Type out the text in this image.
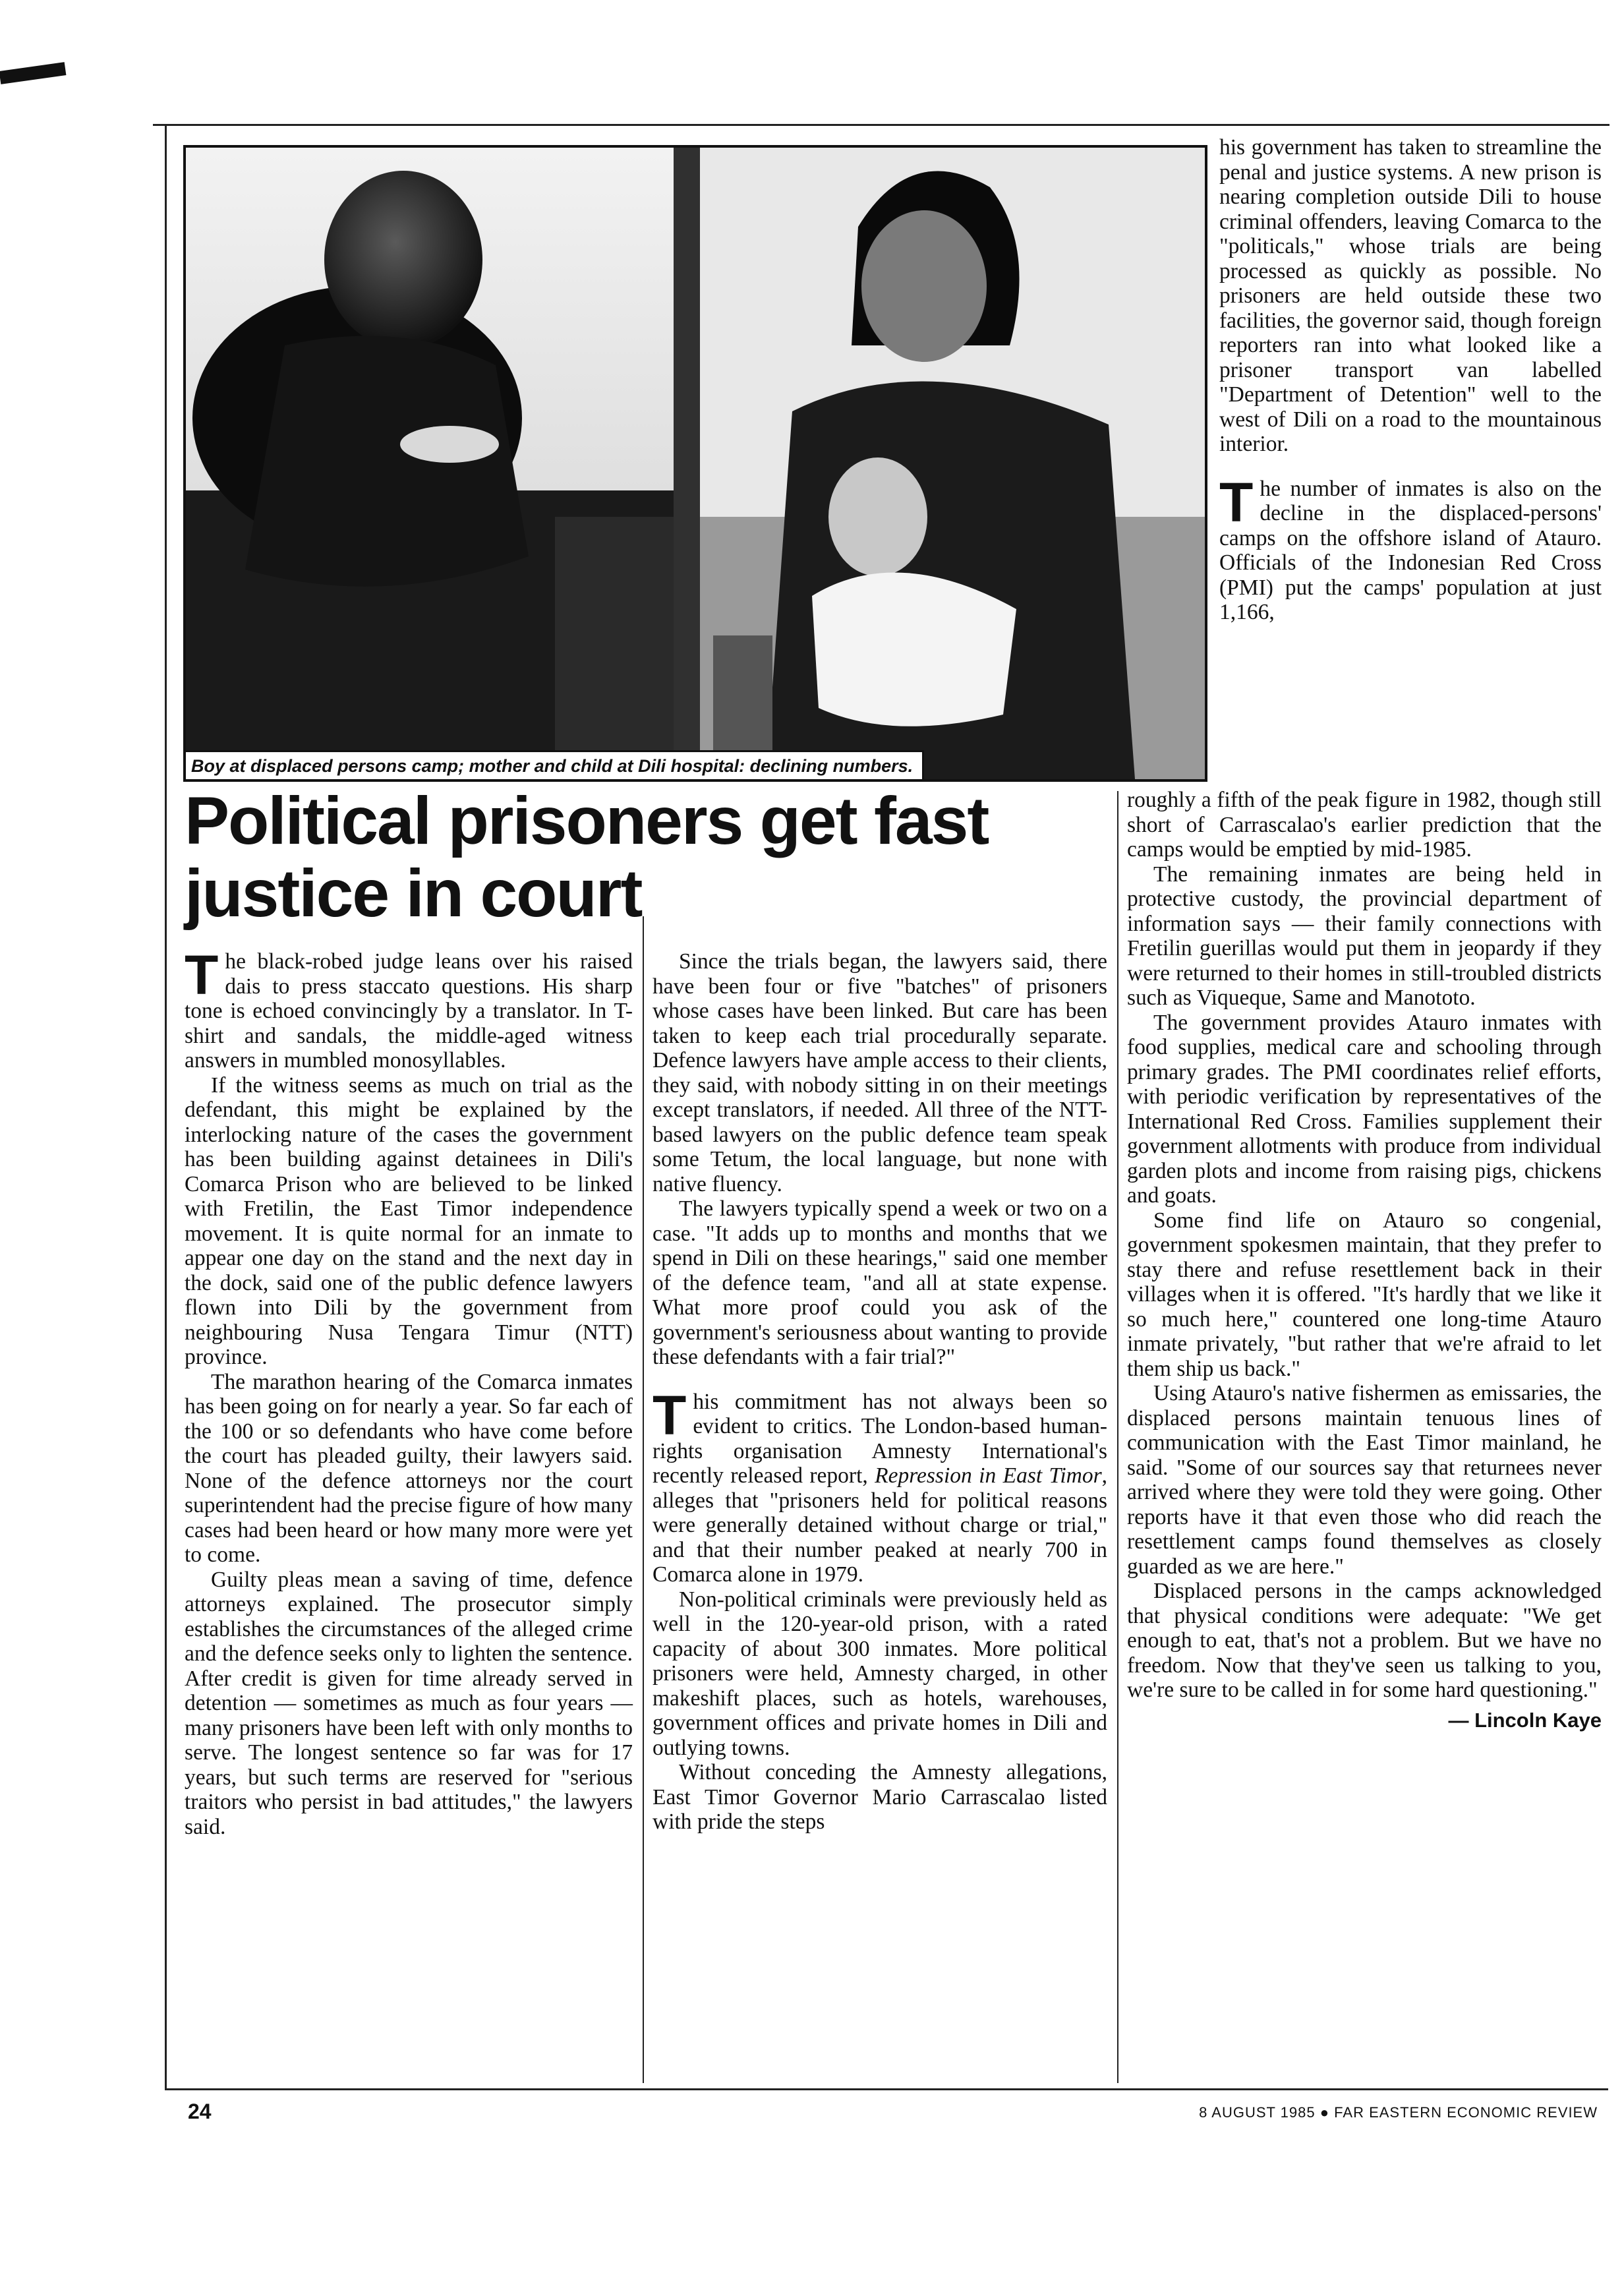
Boy at displaced persons camp; mother and child at Dili hospital: declining numbers.
Political prisoners get fast justice in court

The black-robed judge leans over his raised dais to press staccato questions. His sharp tone is echoed convincingly by a translator. In T-shirt and sandals, the middle-aged witness answers in mumbled monosyllables.

If the witness seems as much on trial as the defendant, this might be explained by the interlocking nature of the cases the government has been building against detainees in Dili's Comarca Prison who are believed to be linked with Fretilin, the East Timor independence movement. It is quite normal for an inmate to appear one day on the stand and the next day in the dock, said one of the public defence lawyers flown into Dili by the government from neighbouring Nusa Tengara Timur (NTT) province.

The marathon hearing of the Comarca inmates has been going on for nearly a year. So far each of the 100 or so defendants who have come before the court has pleaded guilty, their lawyers said. None of the defence attorneys nor the court superintendent had the precise figure of how many cases had been heard or how many more were yet to come.

Guilty pleas mean a saving of time, defence attorneys explained. The prosecutor simply establishes the circumstances of the alleged crime and the defence seeks only to lighten the sentence. After credit is given for time already served in detention — sometimes as much as four years — many prisoners have been left with only months to serve. The longest sentence so far was for 17 years, but such terms are reserved for "serious traitors who persist in bad attitudes," the lawyers said.

Since the trials began, the lawyers said, there have been four or five "batches" of prisoners whose cases have been linked. But care has been taken to keep each trial procedurally separate. Defence lawyers have ample access to their clients, they said, with nobody sitting in on their meetings except translators, if needed. All three of the NTT-based lawyers on the public defence team speak some Tetum, the local language, but none with native fluency.

The lawyers typically spend a week or two on a case. "It adds up to months and months that we spend in Dili on these hearings," said one member of the defence team, "and all at state expense. What more proof could you ask of the government's seriousness about wanting to provide these defendants with a fair trial?"

This commitment has not always been so evident to critics. The London-based human-rights organisation Amnesty International's recently released report, Repression in East Timor, alleges that "prisoners held for political reasons were generally detained without charge or trial," and that their number peaked at nearly 700 in Comarca alone in 1979.

Non-political criminals were previously held as well in the 120-year-old prison, with a rated capacity of about 300 inmates. More political prisoners were held, Amnesty charged, in other makeshift places, such as hotels, warehouses, government offices and private homes in Dili and outlying towns.

Without conceding the Amnesty allegations, East Timor Governor Mario Carrascalao listed with pride the steps

his government has taken to streamline the penal and justice systems. A new prison is nearing completion outside Dili to house criminal offenders, leaving Comarca to the "politicals," whose trials are being processed as quickly as possible. No prisoners are held outside these two facilities, the governor said, though foreign reporters ran into what looked like a prisoner transport van labelled "Department of Detention" well to the west of Dili on a road to the mountainous interior.

The number of inmates is also on the decline in the displaced-persons' camps on the offshore island of Atauro. Officials of the Indonesian Red Cross (PMI) put the camps' population at just 1,166,

roughly a fifth of the peak figure in 1982, though still short of Carrascalao's earlier prediction that the camps would be emptied by mid-1985.

The remaining inmates are being held in protective custody, the provincial department of information says — their family connections with Fretilin guerillas would put them in jeopardy if they were returned to their homes in still-troubled districts such as Viqueque, Same and Manototo.

The government provides Atauro inmates with food supplies, medical care and schooling through primary grades. The PMI coordinates relief efforts, with periodic verification by representatives of the International Red Cross. Families supplement their government allotments with produce from individual garden plots and income from raising pigs, chickens and goats.

Some find life on Atauro so congenial, government spokesmen maintain, that they prefer to stay there and refuse resettlement back in their villages when it is offered. "It's hardly that we like it so much here," countered one long-time Atauro inmate privately, "but rather that we're afraid to let them ship us back."

Using Atauro's native fishermen as emissaries, the displaced persons maintain tenuous lines of communication with the East Timor mainland, he said. "Some of our sources say that returnees never arrived where they were told they were going. Other reports have it that even those who did reach the resettlement camps found themselves as closely guarded as we are here."

Displaced persons in the camps acknowledged that physical conditions were adequate: "We get enough to eat, that's not a problem. But we have no freedom. Now that they've seen us talking to you, we're sure to be called in for some hard questioning."

— Lincoln Kaye
24	8 AUGUST 1985 ● FAR EASTERN ECONOMIC REVIEW
